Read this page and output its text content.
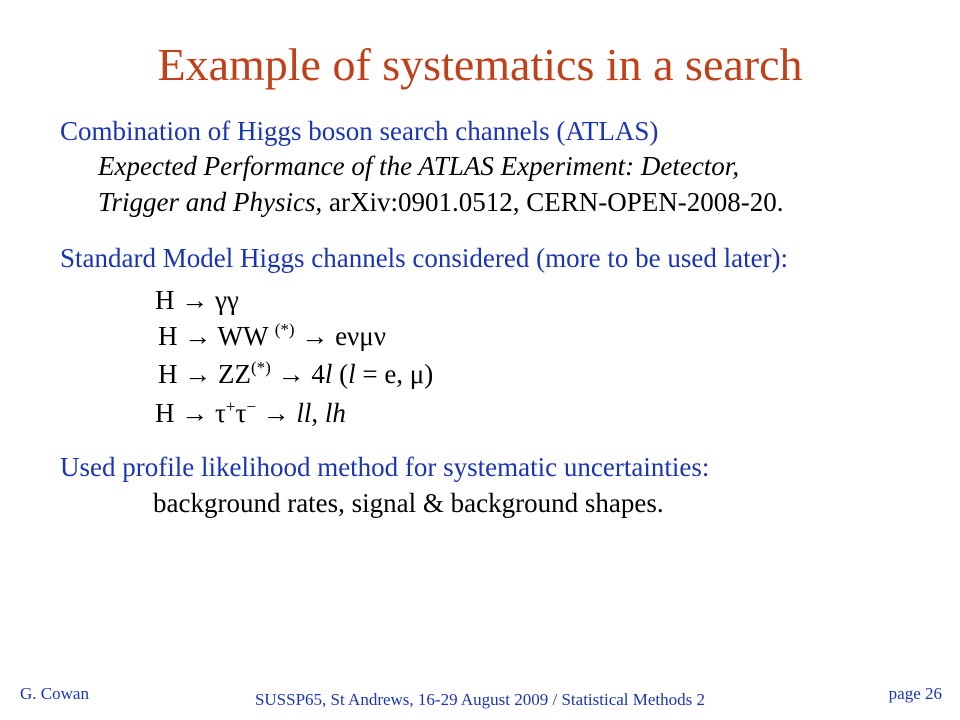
Example of systematics in a search
Combination of Higgs boson search channels (ATLAS)
Expected Performance of the ATLAS Experiment: Detector,
Trigger and Physics, arXiv:0901.0512, CERN-OPEN-2008-20.
Standard Model Higgs channels considered (more to be used later):
H → γγ
H → WW (*) → eνμν
H → ZZ(*) → 4l (l = e, μ)
H → τ+τ− → ll, lh
Used profile likelihood method for systematic uncertainties:
background rates, signal & background shapes.
G. Cowan	SUSSP65, St Andrews, 16-29 August 2009 / Statistical Methods 2	page 26
